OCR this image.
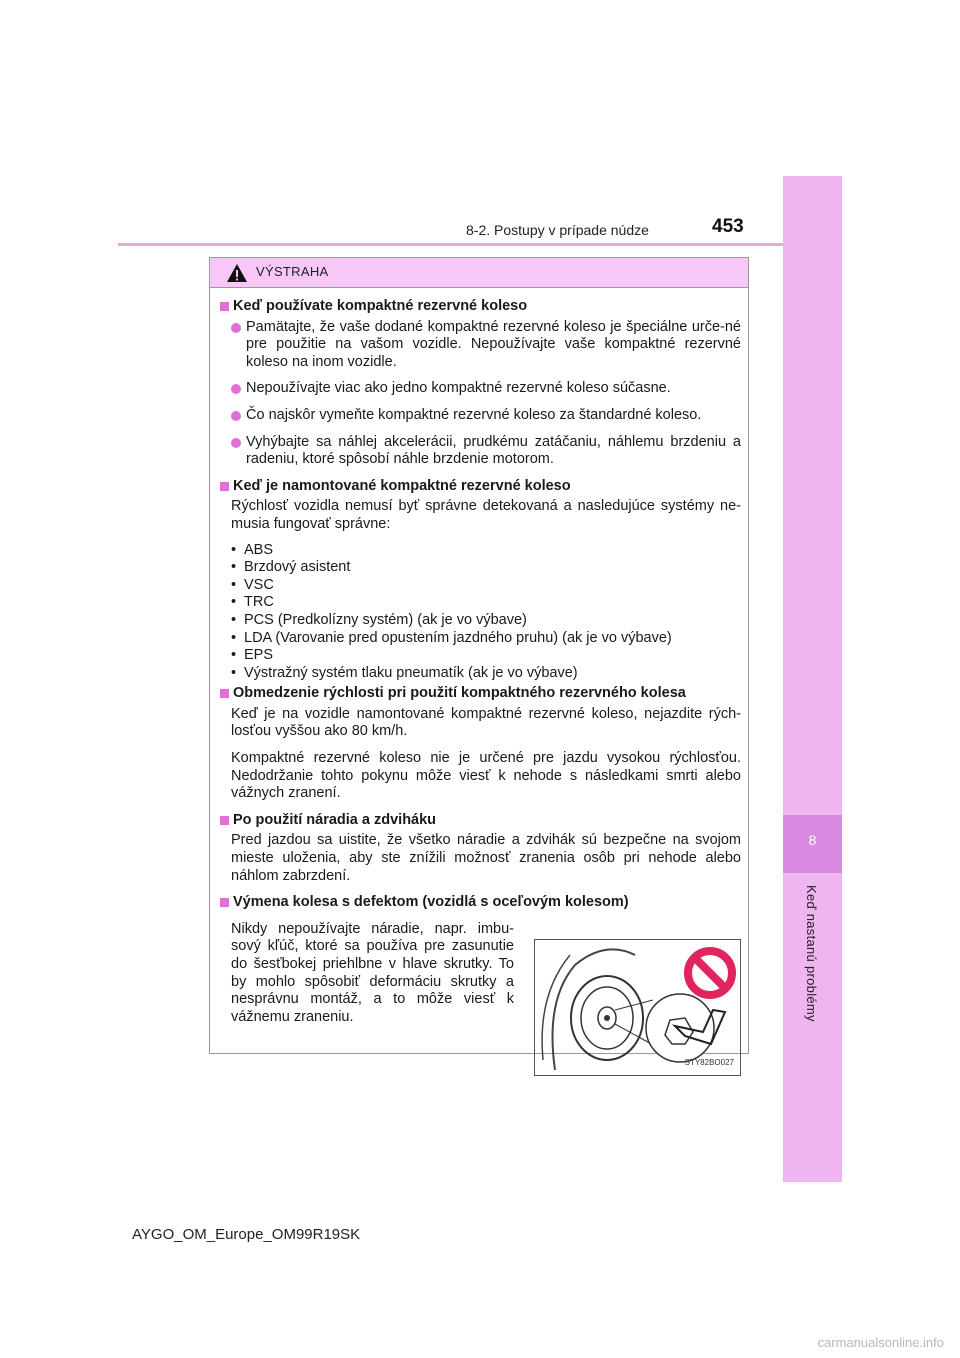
8
Keď nastanú problémy
8-2. Postupy v prípade núdze	453
VÝSTRAHA
Keď používate kompaktné rezervné koleso
Pamätajte, že vaše dodané kompaktné rezervné koleso je špeciálne urče-né pre použitie na vašom vozidle. Nepoužívajte vaše kompaktné rezervné koleso na inom vozidle.
Nepoužívajte viac ako jedno kompaktné rezervné koleso súčasne.
Čo najskôr vymeňte kompaktné rezervné koleso za štandardné koleso.
Vyhýbajte sa náhlej akcelerácii, prudkému zatáčaniu, náhlemu brzdeniu a radeniu, ktoré spôsobí náhle brzdenie motorom.
Keď je namontované kompaktné rezervné koleso
Rýchlosť vozidla nemusí byť správne detekovaná a nasledujúce systémy ne-musia fungovať správne:
• ABS
• Brzdový asistent
• VSC
• TRC
• PCS (Predkolízny systém) (ak je vo výbave)
• LDA (Varovanie pred opustením jazdného pruhu) (ak je vo výbave)
• EPS
• Výstražný systém tlaku pneumatík (ak je vo výbave)
Obmedzenie rýchlosti pri použití kompaktného rezervného kolesa
Keď je na vozidle namontované kompaktné rezervné koleso, nejazdite rých-losťou vyššou ako 80 km/h.
Kompaktné rezervné koleso nie je určené pre jazdu vysokou rýchlosťou. Nedodržanie tohto pokynu môže viesť k nehode s následkami smrti alebo vážnych zranení.
Po použití náradia a zdviháku
Pred jazdou sa uistite, že všetko náradie a zdvihák sú bezpečne na svojom mieste uloženia, aby ste znížili možnosť zranenia osôb pri nehode alebo náhlom zabrzdení.
Výmena kolesa s defektom (vozidlá s oceľovým kolesom)
Nikdy nepoužívajte náradie, napr. imbu-sový kľúč, ktoré sa používa pre zasunutie do šesťbokej priehlbne v hlave skrutky. To by mohlo spôsobiť deformáciu skrutky a nesprávnu montáž, a to môže viesť k vážnemu zraneniu.
STY82BO027
AYGO_OM_Europe_OM99R19SK
carmanualsonline.info
